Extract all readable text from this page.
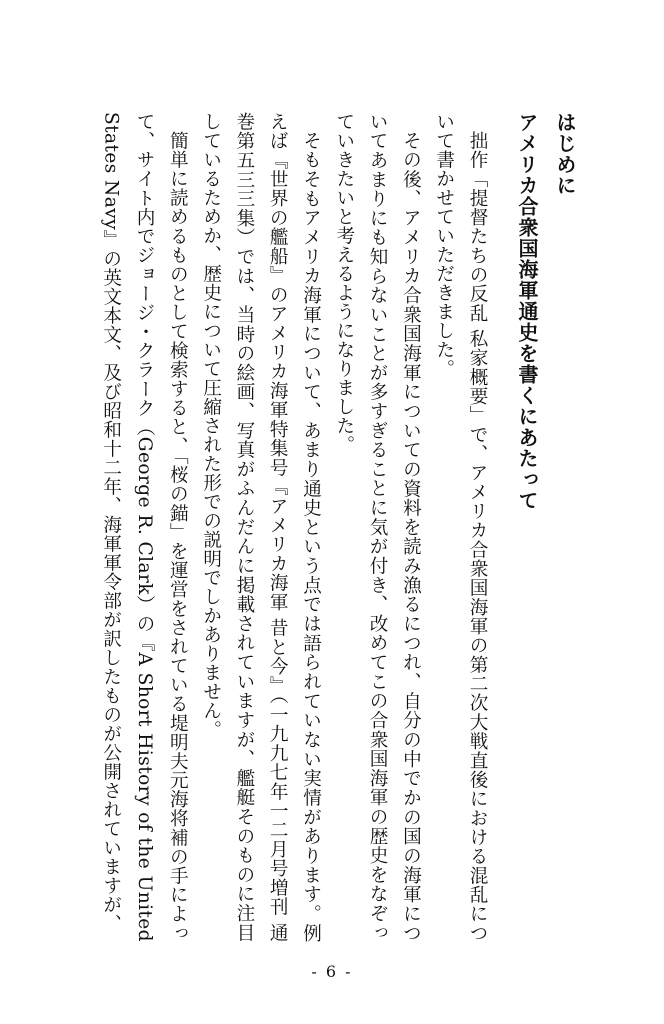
はじめに
アメリカ合衆国海軍通史を書くにあたって

拙作「提督たちの反乱 私家概要」で、アメリカ合衆国海軍の第二次大戦直後における混乱について書かせていただきました。

その後、アメリカ合衆国海軍についての資料を読み漁るにつれ、自分の中でかの国の海軍についてあまりにも知らないことが多すぎることに気が付き、改めてこの合衆国海軍の歴史をなぞっていきたいと考えるようになりました。

そもそもアメリカ海軍について、あまり通史という点では語られていない実情があります。例えば『世界の艦船』のアメリカ海軍特集号『アメリカ海軍 昔と今』（一九九七年一二月号増刊 通巻第五三三集）では、当時の絵画、写真がふんだんに掲載されていますが、艦艇そのものに注目しているためか、歴史について圧縮された形での説明でしかありません。

簡単に読めるものとして検索すると、「桜の錨」を運営をされている堤明夫元海将補の手によって、サイト内でジョージ・クラーク（George R. Clark）の『A Short History of the United States Navy』の英文本文、及び昭和十二年、海軍軍令部が訳したものが公開されていますが、

- 6 -
